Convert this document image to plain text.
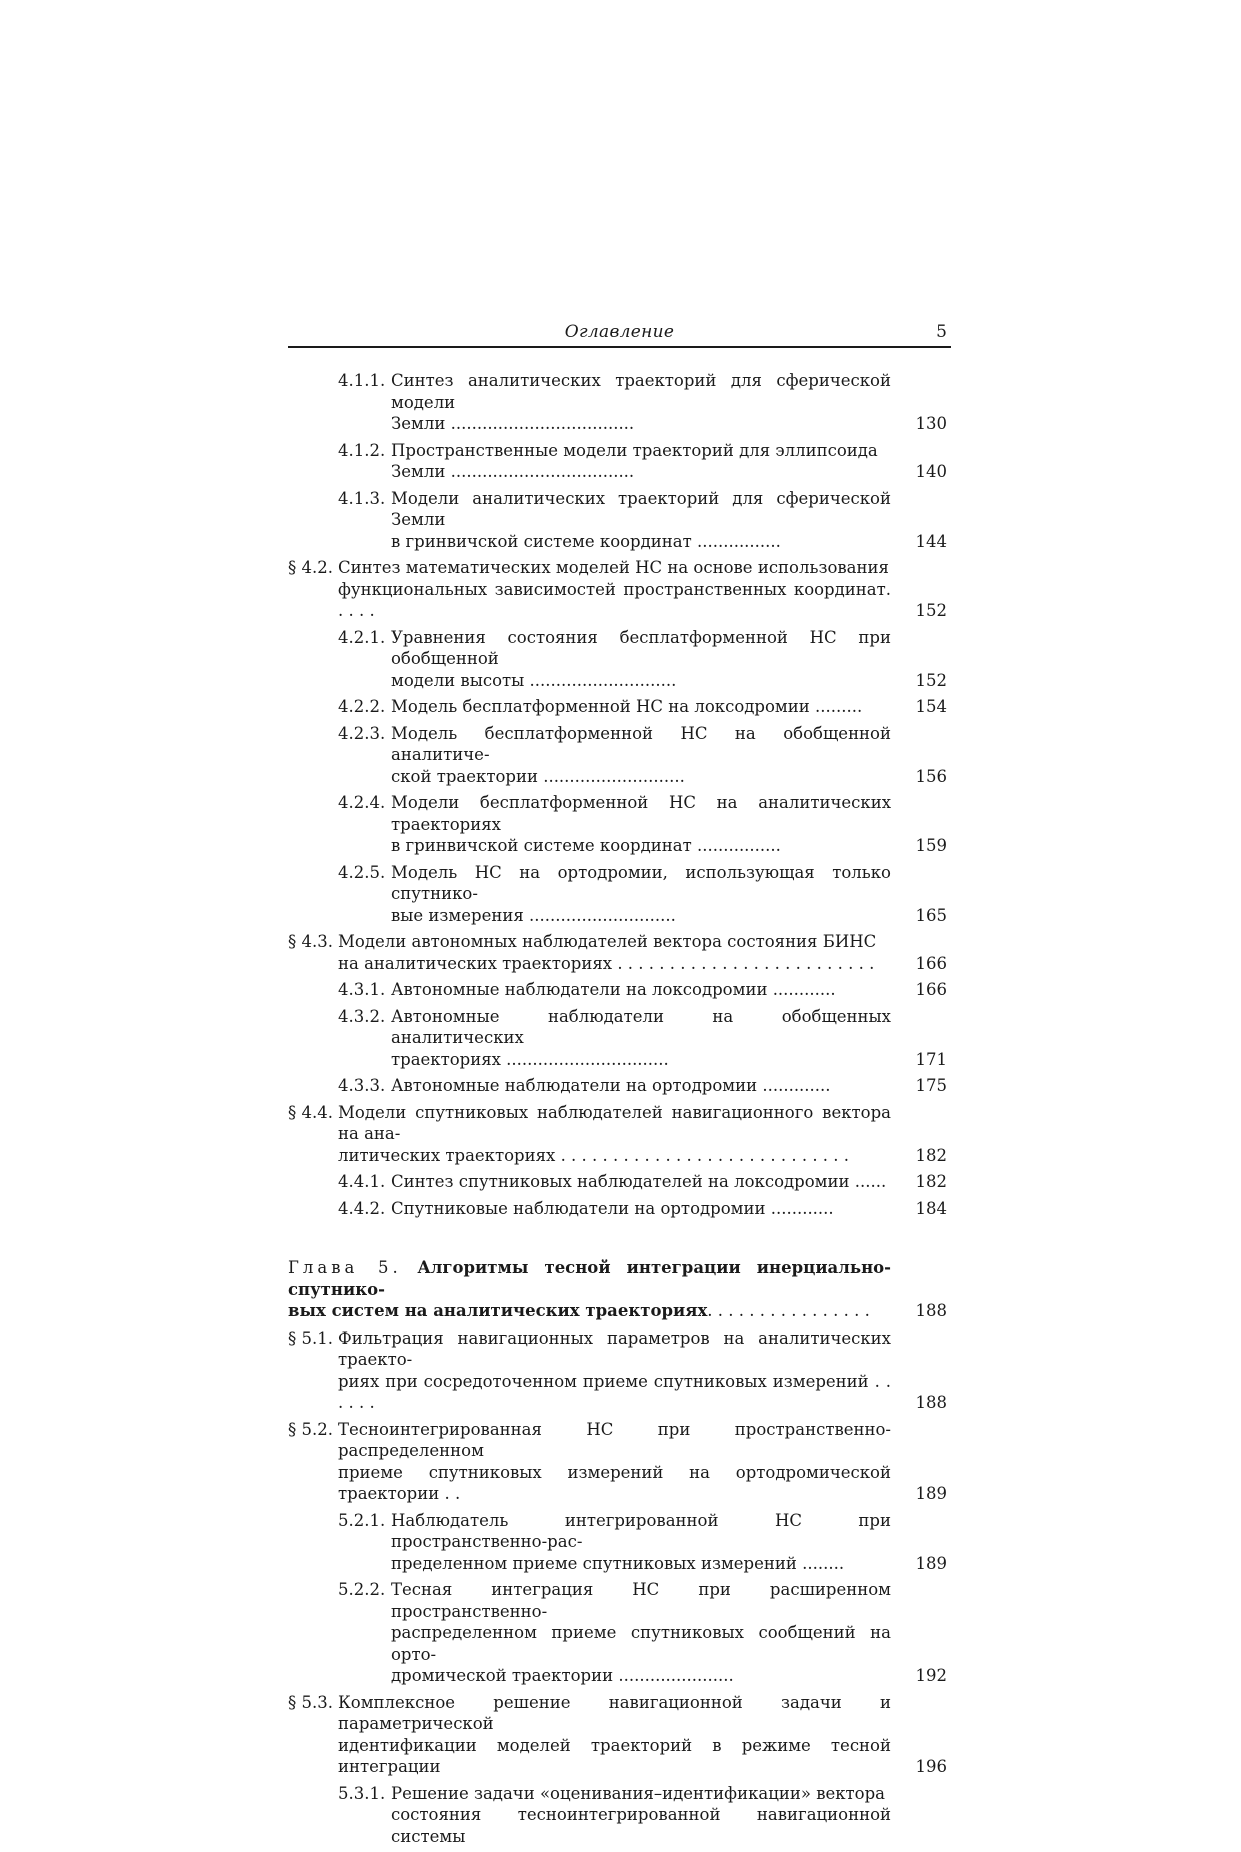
Оглавление	5
4.1.1. Синтез аналитических траекторий для сферической модели
Земли ...................................	130
4.1.2. Пространственные модели траекторий для эллипсоида
Земли ...................................	140
4.1.3. Модели аналитических траекторий для сферической Земли
в гринвичской системе координат ................	144
§ 4.2. Синтез математических моделей НС на основе использования
функциональных зависимостей пространственных координат. . . . .	152
4.2.1. Уравнения состояния бесплатформенной НС при обобщенной
модели высоты ............................	152
4.2.2. Модель бесплатформенной НС на локсодромии .........	154
4.2.3. Модель бесплатформенной НС на обобщенной аналитиче-
ской траектории ...........................	156
4.2.4. Модели бесплатформенной НС на аналитических траекториях
в гринвичской системе координат ................	159
4.2.5. Модель НС на ортодромии, использующая только спутнико-
вые измерения ............................	165
§ 4.3. Модели автономных наблюдателей вектора состояния БИНС
на аналитических траекториях . . . . . . . . . . . . . . . . . . . . . . . . .	166
4.3.1. Автономные наблюдатели на локсодромии ............	166
4.3.2. Автономные наблюдатели на обобщенных аналитических
траекториях ...............................	171
4.3.3. Автономные наблюдатели на ортодромии .............	175
§ 4.4. Модели спутниковых наблюдателей навигационного вектора на ана-
литических траекториях . . . . . . . . . . . . . . . . . . . . . . . . . . . .	182
4.4.1. Синтез спутниковых наблюдателей на локсодромии ...... 182
4.4.2. Спутниковые наблюдатели на ортодромии ............	184
Глава 5. Алгоритмы тесной интеграции инерциально-спутнико-
вых систем на аналитических траекториях. . . . . . . . . . . . . . . .	188
§ 5.1. Фильтрация навигационных параметров на аналитических траекто-
риях при сосредоточенном приеме спутниковых измерений . . . . . .	188
§ 5.2. Тесноинтегрированная НС при пространственно-распределенном
приеме спутниковых измерений на ортодромической траектории . .	189
5.2.1. Наблюдатель интегрированной НС при пространственно-рас-
пределенном приеме спутниковых измерений ........	189
5.2.2. Тесная интеграция НС при расширенном пространственно-
распределенном приеме спутниковых сообщений на орто-
дромической траектории ......................	192
§ 5.3. Комплексное решение навигационной задачи и параметрической
идентификации моделей траекторий в режиме тесной интеграции	196
5.3.1. Решение задачи «оценивания–идентификации» вектора
состояния тесноинтегрированной навигационной системы
